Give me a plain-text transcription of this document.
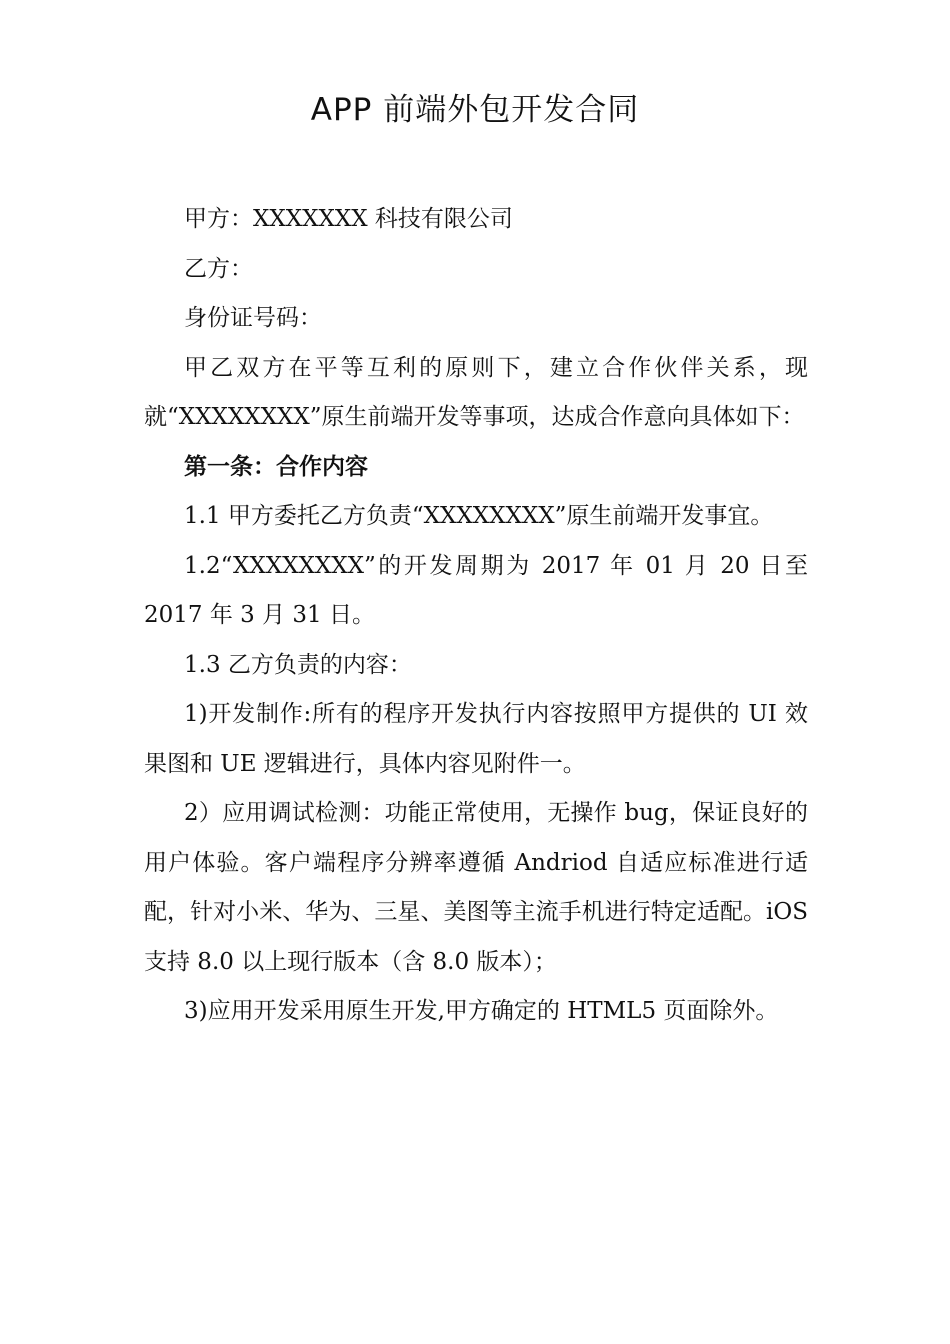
APP 前端外包开发合同

甲方：XXXXXXX 科技有限公司

乙方：

身份证号码：

甲乙双方在平等互利的原则下，建立合作伙伴关系，现就“XXXXXXXX”原生前端开发等事项，达成合作意向具体如下：

第一条：合作内容

1.1 甲方委托乙方负责“XXXXXXXX”原生前端开发事宜。

1.2“XXXXXXXX”的开发周期为 2017 年 01 月 20 日至 2017 年 3 月 31 日。

1.3 乙方负责的内容：

1)开发制作:所有的程序开发执行内容按照甲方提供的 UI 效果图和 UE 逻辑进行，具体内容见附件一。

2）应用调试检测：功能正常使用，无操作 bug，保证良好的用户体验。客户端程序分辨率遵循 Andriod 自适应标准进行适配，针对小米、华为、三星、美图等主流手机进行特定适配。iOS 支持 8.0 以上现行版本（含 8.0 版本）；

3)应用开发采用原生开发,甲方确定的 HTML5 页面除外。
